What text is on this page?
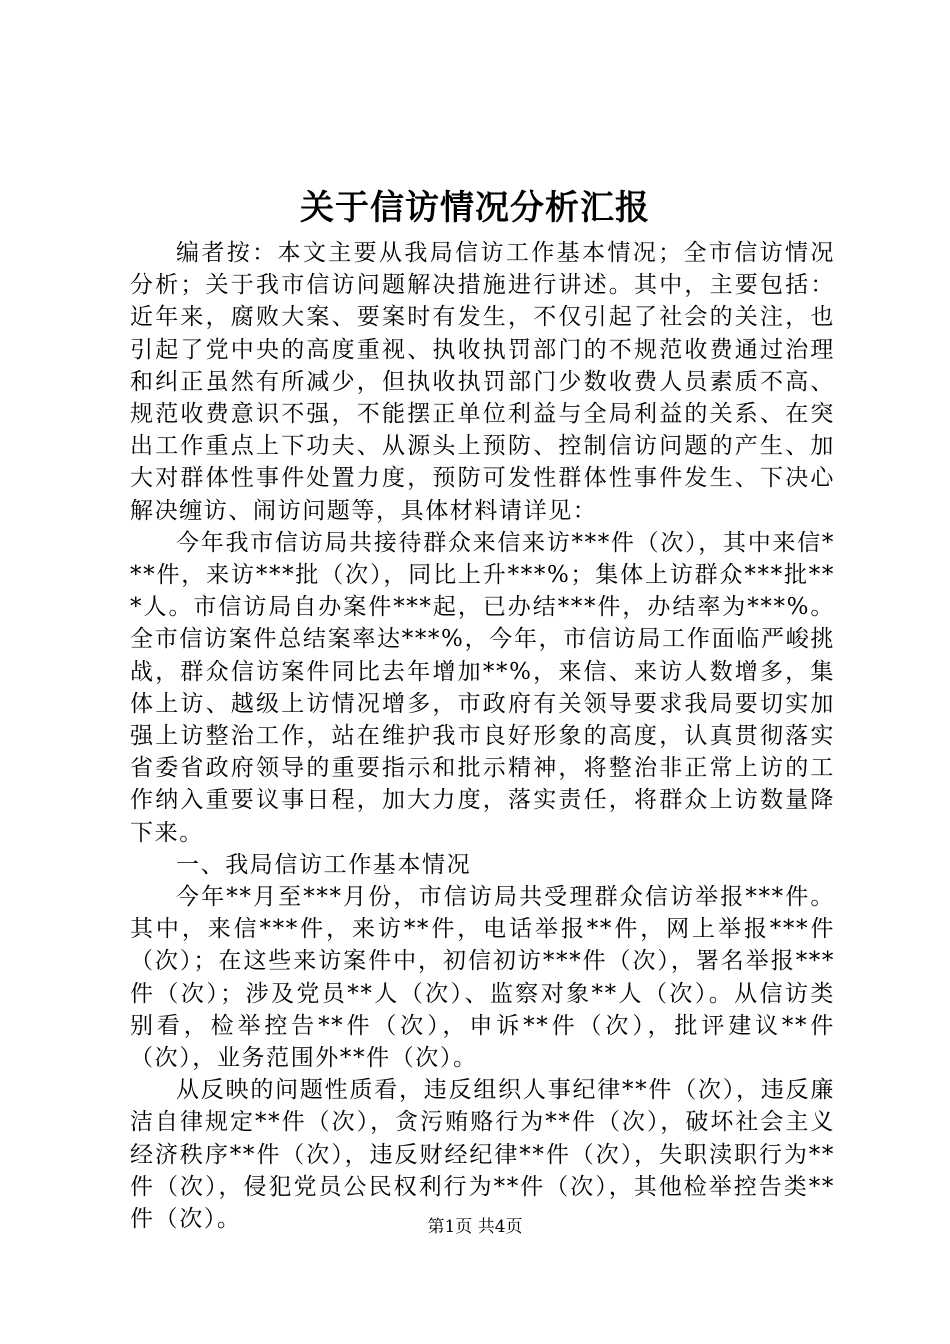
关于信访情况分析汇报

编者按：本文主要从我局信访工作基本情况；全市信访情况分析；关于我市信访问题解决措施进行讲述。其中，主要包括：近年来，腐败大案、要案时有发生，不仅引起了社会的关注，也引起了党中央的高度重视、执收执罚部门的不规范收费通过治理和纠正虽然有所减少，但执收执罚部门少数收费人员素质不高、规范收费意识不强，不能摆正单位利益与全局利益的关系、在突出工作重点上下功夫、从源头上预防、控制信访问题的产生、加大对群体性事件处置力度，预防可发性群体性事件发生、下决心解决缠访、闹访问题等，具体材料请详见：

今年我市信访局共接待群众来信来访***件（次），其中来信***件，来访***批（次），同比上升***%；集体上访群众***批***人。市信访局自办案件***起，已办结***件，办结率为***%。全市信访案件总结案率达***%，今年，市信访局工作面临严峻挑战，群众信访案件同比去年增加**%，来信、来访人数增多，集体上访、越级上访情况增多，市政府有关领导要求我局要切实加强上访整治工作，站在维护我市良好形象的高度，认真贯彻落实省委省政府领导的重要指示和批示精神，将整治非正常上访的工作纳入重要议事日程，加大力度，落实责任，将群众上访数量降下来。

一、我局信访工作基本情况

今年**月至***月份，市信访局共受理群众信访举报***件。其中，来信***件，来访**件，电话举报**件，网上举报***件（次）；在这些来访案件中，初信初访***件（次），署名举报***件（次）；涉及党员**人（次）、监察对象**人（次）。从信访类别看，检举控告**件（次），申诉**件（次），批评建议**件（次），业务范围外**件（次）。

从反映的问题性质看，违反组织人事纪律**件（次），违反廉洁自律规定**件（次），贪污贿赂行为**件（次），破坏社会主义经济秩序**件（次），违反财经纪律**件（次），失职渎职行为**件（次），侵犯党员公民权利行为**件（次），其他检举控告类**件（次）。	第1页 共4页
